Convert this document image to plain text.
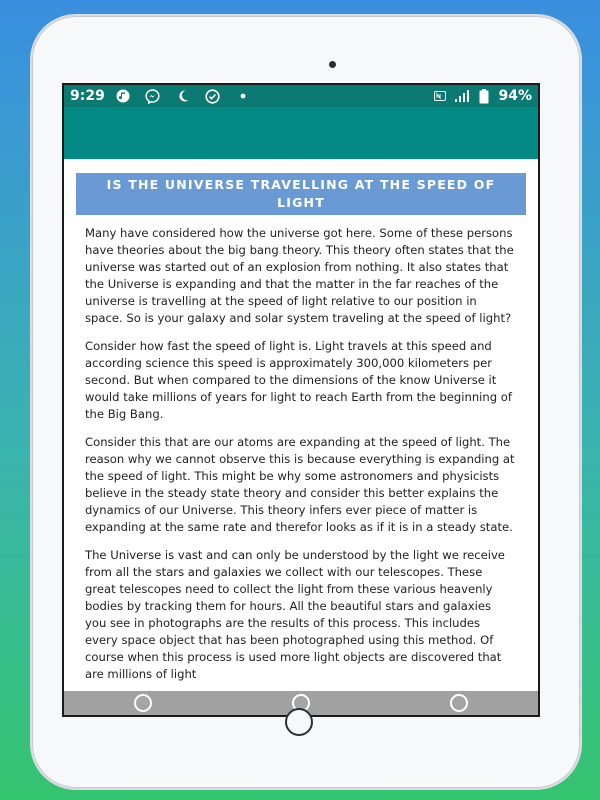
9:29	94%
IS THE UNIVERSE TRAVELLING AT THE SPEED OF LIGHT

Many have considered how the universe got here. Some of these persons have theories about the big bang theory. This theory often states that the universe was started out of an explosion from nothing. It also states that the Universe is expanding and that the matter in the far reaches of the universe is travelling at the speed of light relative to our position in space. So is your galaxy and solar system traveling at the speed of light?

Consider how fast the speed of light is. Light travels at this speed and according science this speed is approximately 300,000 kilometers per second. But when compared to the dimensions of the know Universe it would take millions of years for light to reach Earth from the beginning of the Big Bang.

Consider this that are our atoms are expanding at the speed of light. The reason why we cannot observe this is because everything is expanding at the speed of light. This might be why some astronomers and physicists believe in the steady state theory and consider this better explains the dynamics of our Universe. This theory infers ever piece of matter is expanding at the same rate and therefor looks as if it is in a steady state.

The Universe is vast and can only be understood by the light we receive from all the stars and galaxies we collect with our telescopes. These great telescopes need to collect the light from these various heavenly bodies by tracking them for hours. All the beautiful stars and galaxies you see in photographs are the results of this process. This includes every space object that has been photographed using this method. Of course when this process is used more light objects are discovered that are millions of light
